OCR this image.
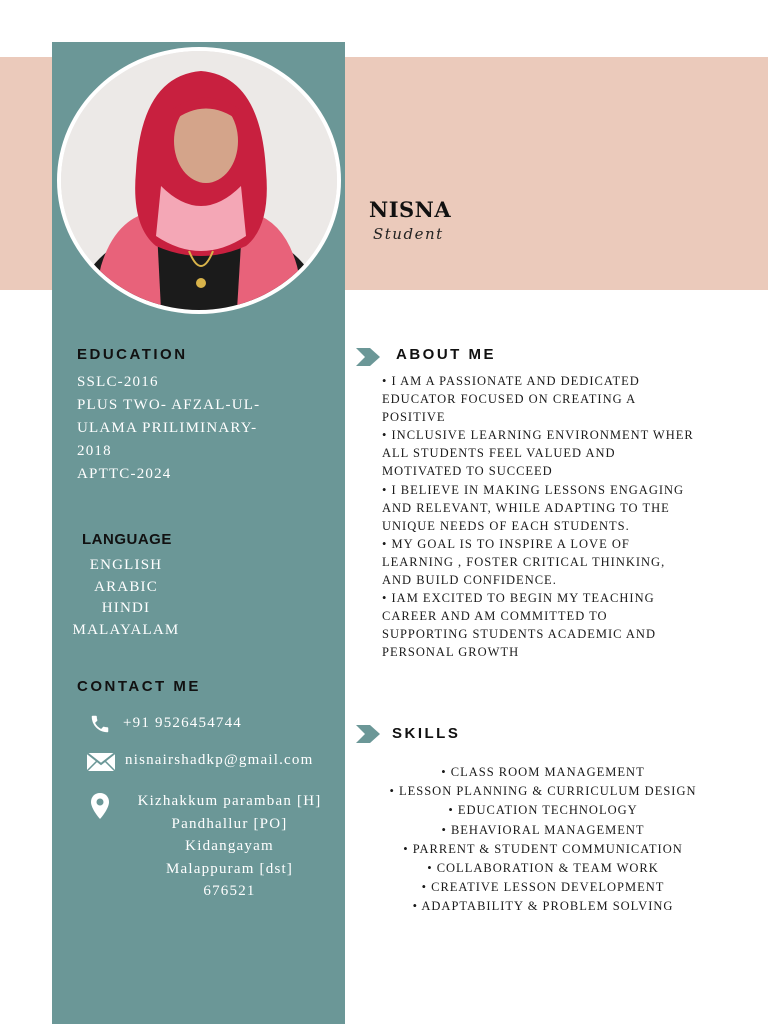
NISNA
Student
EDUCATION
SSLC-2016
PLUS TWO- AFZAL-UL-
ULAMA PRILIMINARY-
2018
APTTC-2024
LANGUAGE
ENGLISH
ARABIC
HINDI
MALAYALAM
CONTACT ME
+91 9526454744
nisnairshadkp@gmail.com
Kizhakkum paramban [H]
Pandhallur [PO]
Kidangayam
Malappuram [dst]
676521
ABOUT ME
• I AM A PASSIONATE AND DEDICATED
EDUCATOR FOCUSED ON CREATING A
POSITIVE
• INCLUSIVE LEARNING ENVIRONMENT WHER
ALL STUDENTS FEEL VALUED AND
MOTIVATED TO SUCCEED
• I BELIEVE IN MAKING LESSONS ENGAGING
AND RELEVANT, WHILE ADAPTING TO THE
UNIQUE NEEDS OF EACH STUDENTS.
• MY GOAL IS TO INSPIRE A LOVE OF
LEARNING , FOSTER CRITICAL THINKING,
AND BUILD CONFIDENCE.
• IAM EXCITED TO BEGIN MY TEACHING
CAREER AND AM COMMITTED TO
SUPPORTING STUDENTS ACADEMIC AND
PERSONAL GROWTH
SKILLS
• CLASS ROOM MANAGEMENT
• LESSON PLANNING & CURRICULUM DESIGN
• EDUCATION TECHNOLOGY
• BEHAVIORAL MANAGEMENT
• PARRENT & STUDENT COMMUNICATION
• COLLABORATION & TEAM WORK
• CREATIVE LESSON DEVELOPMENT
• ADAPTABILITY & PROBLEM SOLVING
